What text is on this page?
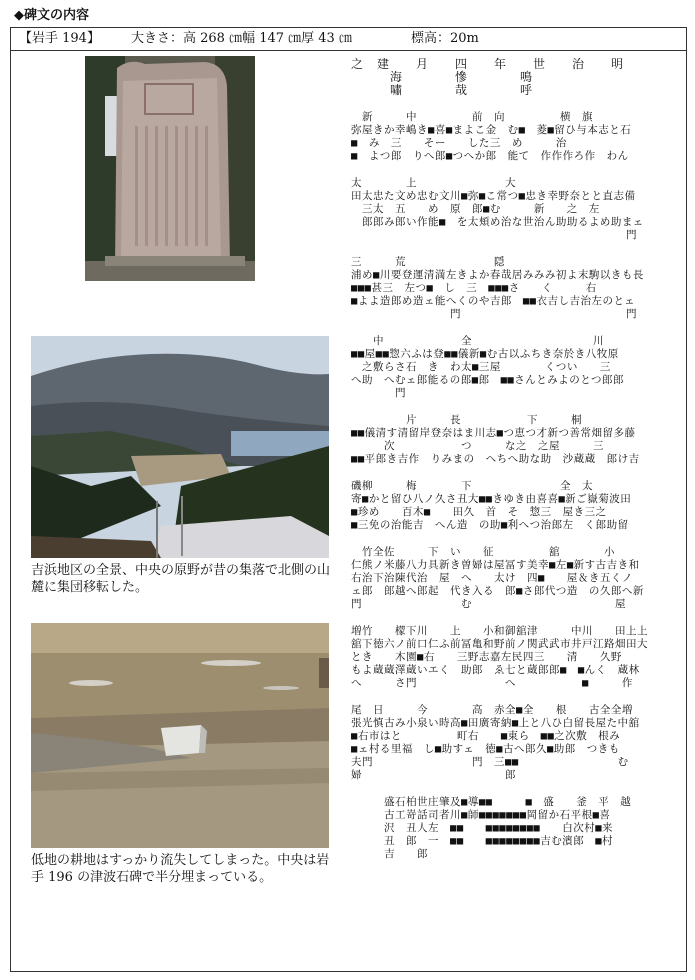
◆碑文の内容
【岩手 194】 大きさ：高 268 ㎝幅 147 ㎝厚 43 ㎝	標高：20m
吉浜地区の全景、中央の原野が昔の集落で北側の山麓に集団移転した。
低地の耕地はすっかり流失してしまった。中央は岩手 196 の津波石碑で半分埋まっている。
之　建　　月　　四　　年　　世　　治　　明
　　　海　　　　慘　　　　鳴
　　　嘯　　　　哉　　　　呼
　新　　　中　　　　　前　向　　　　　横　旗
弥屋きか幸嶋き■喜■まよこ金　む■　菱■留ひ与本志と石
■　み　三　　そー　　した三　め　　　治
■　よつ郎　りへ郎■つへか郎　能て　作作作ろ作　わん
太　　　　上　　　　　　　　大
田太忠た文め忠む文川■弥■こ常つ■忠き幸野奈とと直志備
　三太　五　　め　原　郎■む　　　新　　之　左
　郎郎み郎い作能■　を太頬め治な世治ん助助るよめ助まェ
　　　　　　　　　　　　　　　　　　　　　　　　　門
三　　　荒　　　　　　　　隠
浦め■川要登運清満左きよか春哉居みみみ初よ末駒以きも長
■■■甚三　左つ■　し　三　■■■さ　　く　　　右
■よよ造郎め造ェ能へくのや吉郎　■■衣吉し吉治左のとェ
　　　　　　　　　門　　　　　　　　　　　　　　　門
　　中　　　　　　　全　　　　　　　　　　　川
■■屋■■惣六ふは登■■儀新■む古以ふちき奈於き八牧原
　之敷らさ石　き　わ太■三屋　　　　くつい　　三
へ助　へむェ郎能るの郎■郎　■■さんとみよのとつ郎郎
　　　　門
　　　　　片　　　長　　　　　　下　　　桐
■■儀清す清留岸登奈はま川志■つ恵つ才新つ善常畑留多藤
　　　次　　　　　　つ　　　な之　之屋　　　三
■■平郎き吉作　りみまの　へちへ助な助　沙蔵蔵　郎け吉
磯柳　　　梅　　　　下　　　　　　　　全　太
寄■かと留ひ八ノ久さ丑大■■きゆき由喜喜■新ご嶽菊波田
■珍め　　百木■　　田久　首　そ　惣三　屋き三之
■三免の治能吉　へん造　の助■利へつ治郎左　く郎助留
　竹全佐　　　下　い　　征　　　　　舘　　　　小
仁熊ノ米藤八力具新き曽婦は屋冨す美幸■左■新す古吉き和
右治下治陳代治　屋　へ　　太け　四■　　屋＆き五くノ
ェ郎　郎越へ郎起　代き入る　郎■さ郎代つ造　の久郎へ新
門　　　　　　　　　む　　　　　　　　　　　　　屋
増竹　　檬下川　　上　　小和御舘津　　　中川　　田上上
舘下徳六ノ前口仁ふ前冨亀和野前ノ関武武市井戸江路畑田大
とき　　木園■右　　三野志嘉左民四三　　清　　久野
もよ蔵蔵澤蔵いエく　助郎　ゑ七と蔵郎郎■　■んく　蔵林
へ　　　さ門　　　　　　　　へ　　　　　　■　　　作
尾　日　　　今　　　　高　赤全■全　　根　　古全全増
張光慎古み小泉い時高■田廣寄納■上と八ひ白留長屋た中舘
■右市はと　　　　　町右　　■東ら　■■之次敷　根み
■ェ村る里福　し■助すェ　徳■古へ郎久■助郎　つきも
夫門　　　　　　　　　門　三■■　　　　　　　　　む
婦　　　　　　　　　　　　　郎
　　　盛石柏世庄肇及■導■■　　　■　盛　　釜　平　越
　　　古工嵜話司者川■師■■■■■■■岡留か石平根■喜
　　　沢　丑人左　■■　　■■■■■■■■　　白次村■来
　　　丑　郎　一　■■　　■■■■■■■■吉む濱郎　■村
　　　吉　　郎
